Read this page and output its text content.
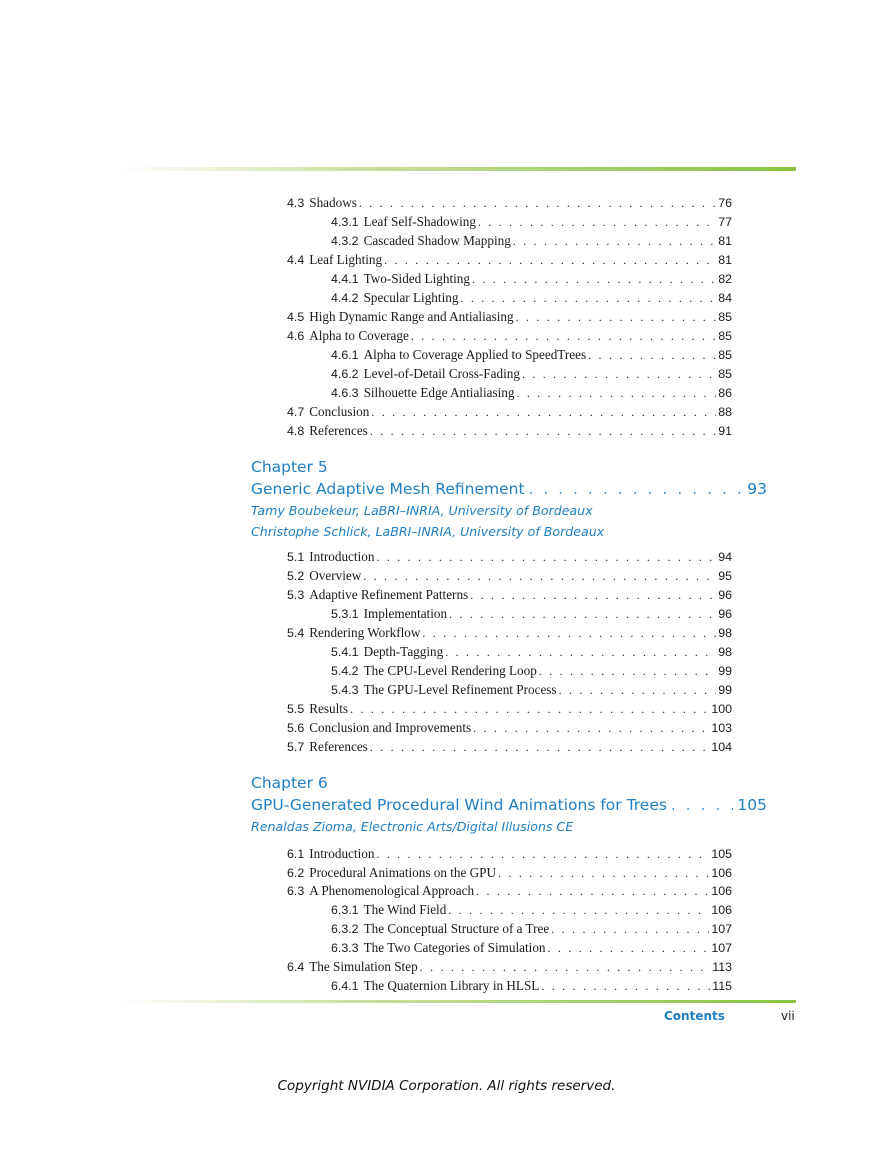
4.3 Shadows . . .	76
4.3.1 Leaf Self-Shadowing . . .	77
4.3.2 Cascaded Shadow Mapping . . .	81
4.4 Leaf Lighting . . .	81
4.4.1 Two-Sided Lighting . . .	82
4.4.2 Specular Lighting . . .	84
4.5 High Dynamic Range and Antialiasing . . .	85
4.6 Alpha to Coverage . . .	85
4.6.1 Alpha to Coverage Applied to SpeedTrees . . .	85
4.6.2 Level-of-Detail Cross-Fading . . .	85
4.6.3 Silhouette Edge Antialiasing . . .	86
4.7 Conclusion . . .	88
4.8 References . . .	91
Chapter 5
Generic Adaptive Mesh Refinement . . .	93
Tamy Boubekeur, LaBRI–INRIA, University of Bordeaux
Christophe Schlick, LaBRI–INRIA, University of Bordeaux
5.1 Introduction . . .	94
5.2 Overview . . .	95
5.3 Adaptive Refinement Patterns . . .	96
5.3.1 Implementation . . .	96
5.4 Rendering Workflow . . .	98
5.4.1 Depth-Tagging . . .	98
5.4.2 The CPU-Level Rendering Loop . . .	99
5.4.3 The GPU-Level Refinement Process . . .	99
5.5 Results . . .	100
5.6 Conclusion and Improvements . . .	103
5.7 References . . .	104
Chapter 6
GPU-Generated Procedural Wind Animations for Trees . . .	105
Renaldas Zioma, Electronic Arts/Digital Illusions CE
6.1 Introduction . . .	105
6.2 Procedural Animations on the GPU . . .	106
6.3 A Phenomenological Approach . . .	106
6.3.1 The Wind Field . . .	106
6.3.2 The Conceptual Structure of a Tree . . .	107
6.3.3 The Two Categories of Simulation . . .	107
6.4 The Simulation Step . . .	113
6.4.1 The Quaternion Library in HLSL . . .	115
Contents	vii
Copyright NVIDIA Corporation. All rights reserved.
